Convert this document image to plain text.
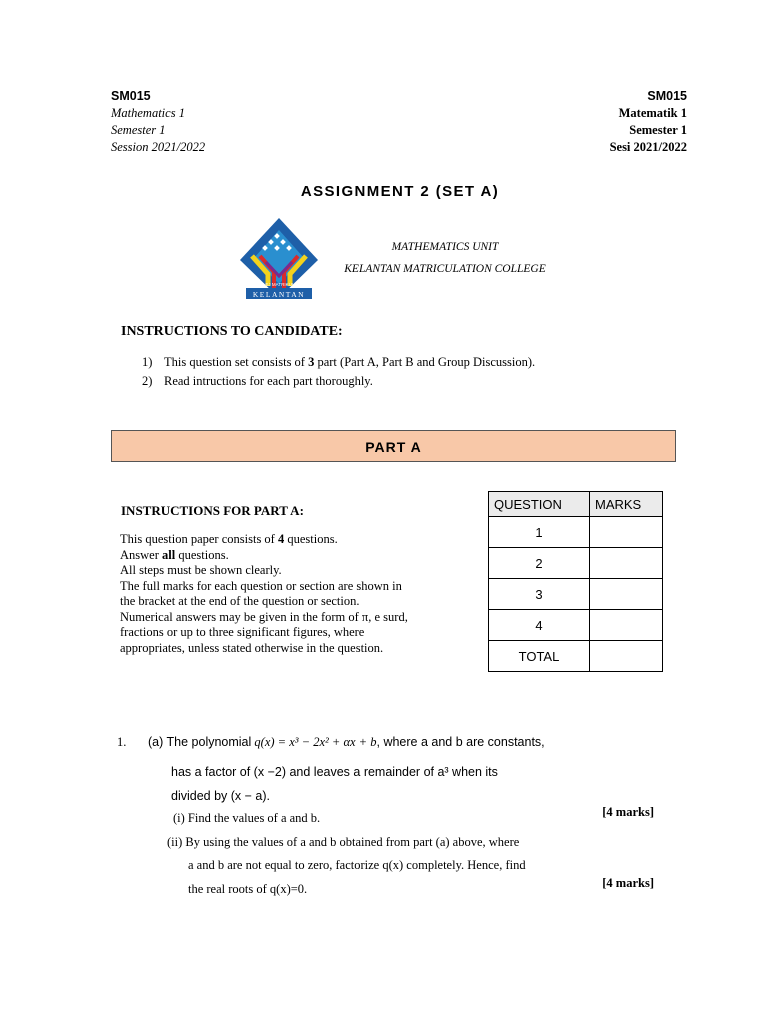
SM015
Mathematics 1
Semester 1
Session 2021/2022
SM015
Matematik 1
Semester 1
Sesi 2021/2022
ASSIGNMENT 2 (SET A)
KOLEJ MATRIKULASI
KELANTAN
MATHEMATICS UNIT
KELANTAN MATRICULATION COLLEGE
INSTRUCTIONS TO CANDIDATE:
1) This question set consists of 3 part (Part A, Part B and Group Discussion).
2) Read intructions for each part thoroughly.
PART A
INSTRUCTIONS FOR PART A:
This question paper consists of 4 questions.
Answer all questions.
All steps must be shown clearly.
The full marks for each question or section are shown in
the bracket at the end of the question or section.
Numerical answers may be given in the form of π, e surd,
fractions or up to three significant figures, where
appropriates, unless stated otherwise in the question.
QUESTION	MARKS
1	
2	
3	
4	
TOTAL	
1. (a) The polynomial q(x) = x³ − 2x² + αx + b, where a and b are constants,
has a factor of (x −2) and leaves a remainder of a³ when its
divided by (x − a).
(i) Find the values of a and b.	[4 marks]
(ii) By using the values of a and b obtained from part (a) above, where
a and b are not equal to zero, factorize q(x) completely. Hence, find
the real roots of q(x)=0.	[4 marks]
